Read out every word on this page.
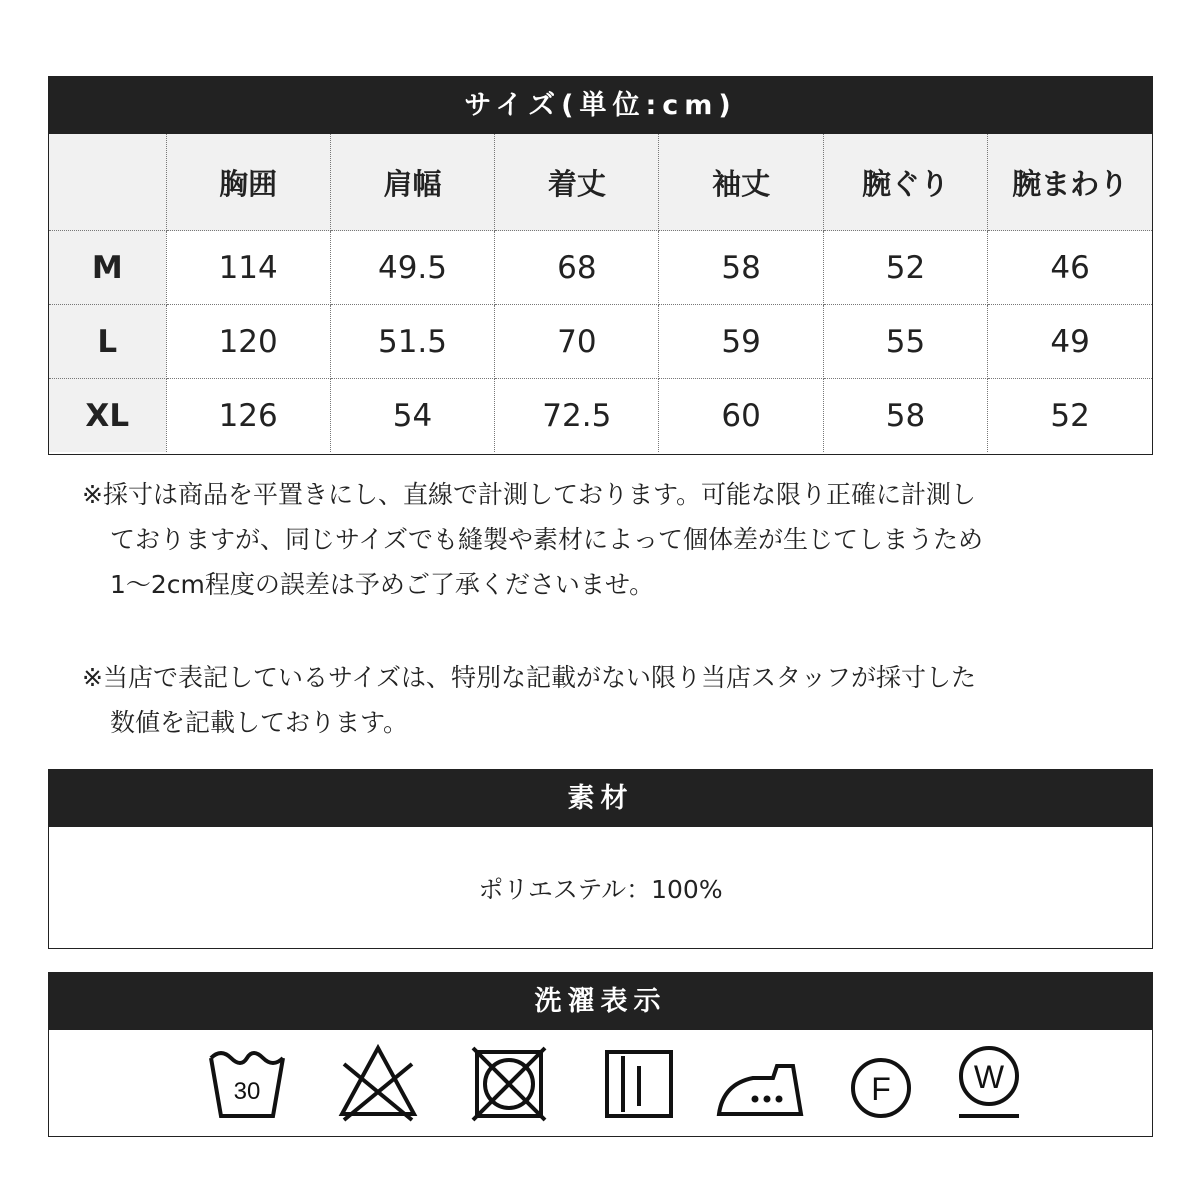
サイズ(単位:cm)
	胸囲	肩幅	着丈	袖丈	腕ぐり	腕まわり
M	114	49.5	68	58	52	46
L	120	51.5	70	59	55	49
XL	126	54	72.5	60	58	52

※採寸は商品を平置きにし、直線で計測しております。可能な限り正確に計測し

ておりますが、同じサイズでも縫製や素材によって個体差が生じてしまうため

1〜2cm程度の誤差は予めご了承くださいませ。

※当店で表記しているサイズは、特別な記載がない限り当店スタッフが採寸した

数値を記載しております。

素材
ポリエステル：100%
洗濯表示
30	F	W
